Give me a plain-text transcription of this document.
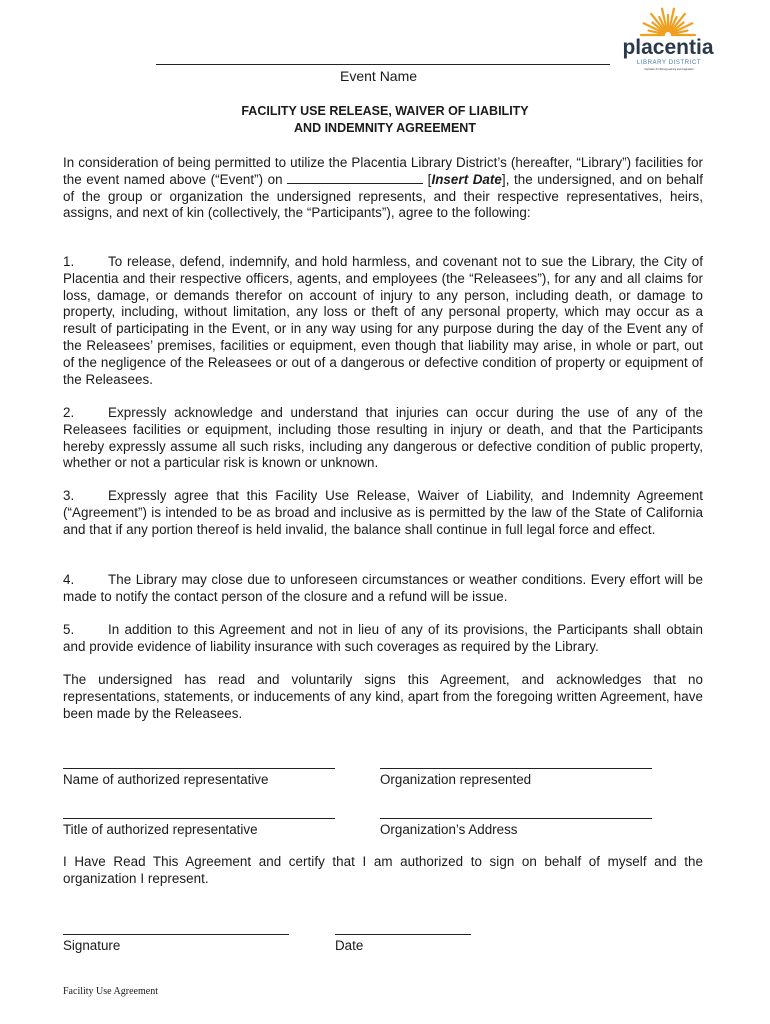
placentia
LIBRARY DISTRICT
Inspiration for lifelong learning and imagination
Event Name
FACILITY USE RELEASE, WAIVER OF LIABILITY
AND INDEMNITY AGREEMENT
In consideration of being permitted to utilize the Placentia Library District’s (hereafter, “Library”) facilities for the event named above (“Event”) on	[Insert Date], the undersigned, and on behalf of the group or organization the undersigned represents, and their respective representatives, heirs, assigns, and next of kin (collectively, the “Participants”), agree to the following:
1.	To release, defend, indemnify, and hold harmless, and covenant not to sue the Library, the City of Placentia and their respective officers, agents, and employees (the “Releasees”), for any and all claims for loss, damage, or demands therefor on account of injury to any person, including death, or damage to property, including, without limitation, any loss or theft of any personal property, which may occur as a result of participating in the Event, or in any way using for any purpose during the day of the Event any of the Releasees’ premises, facilities or equipment, even though that liability may arise, in whole or part, out of the negligence of the Releasees or out of a dangerous or defective condition of property or equipment of the Releasees.
2.	Expressly acknowledge and understand that injuries can occur during the use of any of the Releasees facilities or equipment, including those resulting in injury or death, and that the Participants hereby expressly assume all such risks, including any dangerous or defective condition of public property, whether or not a particular risk is known or unknown.
3.	Expressly agree that this Facility Use Release, Waiver of Liability, and Indemnity Agreement (“Agreement”) is intended to be as broad and inclusive as is permitted by the law of the State of California and that if any portion thereof is held invalid, the balance shall continue in full legal force and effect.
4.	The Library may close due to unforeseen circumstances or weather conditions. Every effort will be made to notify the contact person of the closure and a refund will be issue.
5.	In addition to this Agreement and not in lieu of any of its provisions, the Participants shall obtain and provide evidence of liability insurance with such coverages as required by the Library.
The undersigned has read and voluntarily signs this Agreement, and acknowledges that no representations, statements, or inducements of any kind, apart from the foregoing written Agreement, have been made by the Releasees.
Name of authorized representative	Organization represented
Title of authorized representative	Organization’s Address
I Have Read This Agreement and certify that I am authorized to sign on behalf of myself and the organization I represent.
Signature	Date
Facility Use Agreement
